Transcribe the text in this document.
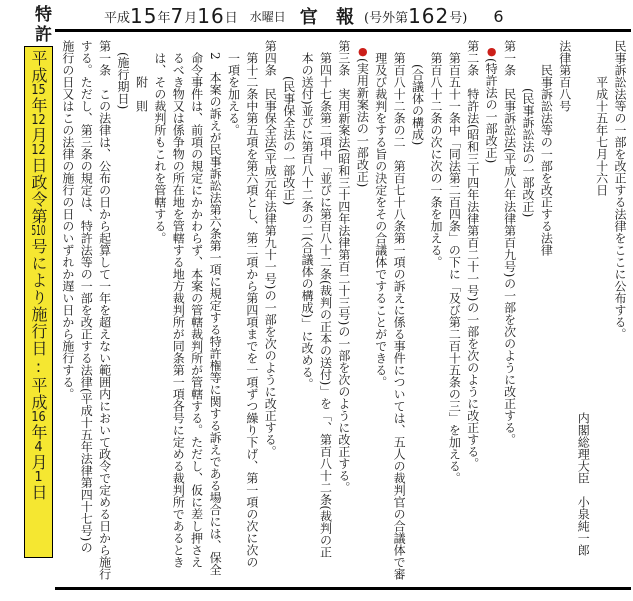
特許	平成 15 年 7 月 16 日 水曜日 官 報 (号外第 162 号) 6
平成15年12月12日政令第510号により施行日:平成16年4月1日
民事訴訟法等の一部を改正する法律をここに公布する。
平成十五年七月十六日
内閣総理大臣　小泉純一郎
法律第百八号
民事訴訟法等の一部を改正する法律
(民事訴訟法の一部改正)
第一条　民事訴訟法(平成八年法律第百九号)の一部を次のように改正する。
●(特許法の一部改正)
第二条　特許法(昭和三十四年法律第百二十一号)の一部を次のように改正する。
第百五十一条中「同法第二百四条」の下に「及び第二百十五条の三」を加える。
第百八十二条の次に次の一条を加える。
(合議体の構成)
第百八十二条の二　第百七十八条第一項の訴えに係る事件については、五人の裁判官の合議体で審
理及び裁判をする旨の決定をその合議体ですることができる。
●(実用新案法の一部改正)
第三条　実用新案法(昭和三十四年法律第百二十三号)の一部を次のように改正する。
第四十七条第二項中「並びに第百八十二条(裁判の正本の送付)」を「、第百八十二条(裁判の正
本の送付)並びに第百八十二条の二(合議体の構成)」に改める。
(民事保全法の一部改正)
第四条　民事保全法(平成元年法律第九十一号)の一部を次のように改正する。
第十二条中第五項を第六項とし、第二項から第四項までを一項ずつ繰り下げ、第一項の次に次の
一項を加える。
2　本案の訴えが民事訴訟法第六条第一項に規定する特許権等に関する訴えである場合には、保全
命令事件は、前項の規定にかかわらず、本案の管轄裁判所が管轄する。ただし、仮に差し押さえ
るべき物又は係争物の所在地を管轄する地方裁判所が同条第一項各号に定める裁判所であるとき
は、その裁判所もこれを管轄する。
附　則
(施行期日)
第一条　この法律は、公布の日から起算して一年を超えない範囲内において政令で定める日から施行
する。ただし、第三条の規定は、特許法等の一部を改正する法律(平成十五年法律第四十七号)の
施行の日又はこの法律の施行の日のいずれか遅い日から施行する。
